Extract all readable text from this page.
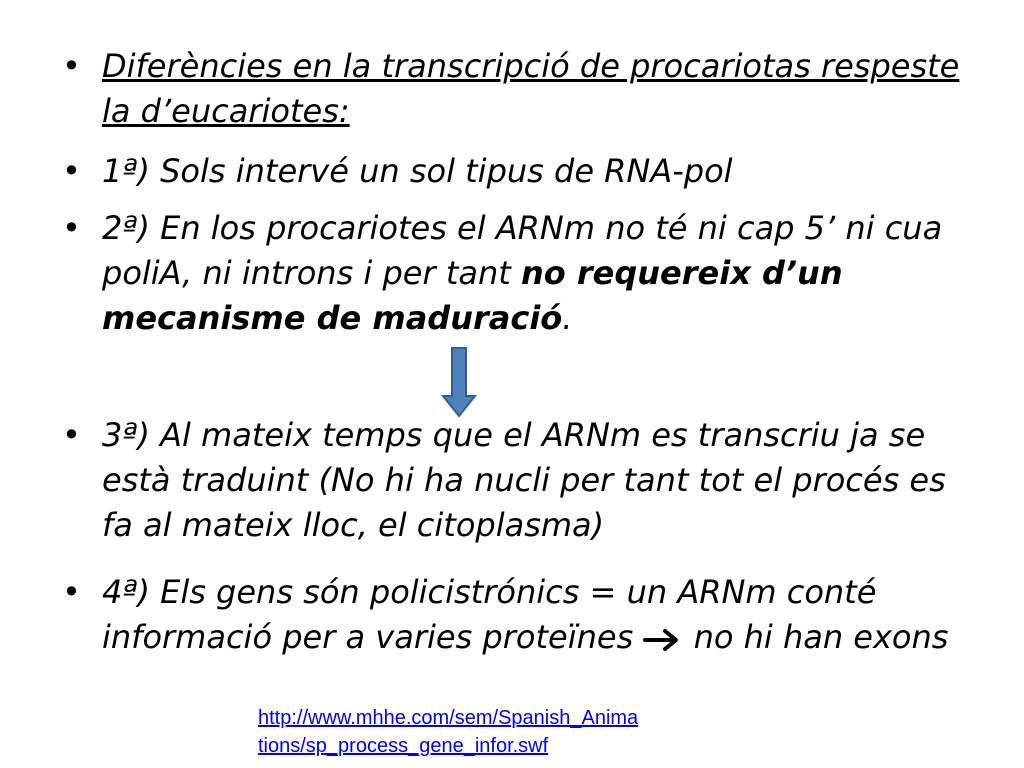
• Diferències en la transcripció de procariotas respeste la d’eucariotes:
• 1ª) Sols intervé un sol tipus de RNA-pol
• 2ª) En los procariotes el ARNm no té ni cap 5’ ni cua poliA, ni introns i per tant no requereix d’un mecanisme de maduració.
• 3ª) Al mateix temps que el ARNm es transcriu ja se està traduint (No hi ha nucli per tant tot el procés es fa al mateix lloc, el citoplasma)
• 4ª) Els gens són policistrónics = un ARNm conté informació per a varies proteïnes  no hi han exons
http://www.mhhe.com/sem/Spanish_Anima
tions/sp_process_gene_infor.swf
